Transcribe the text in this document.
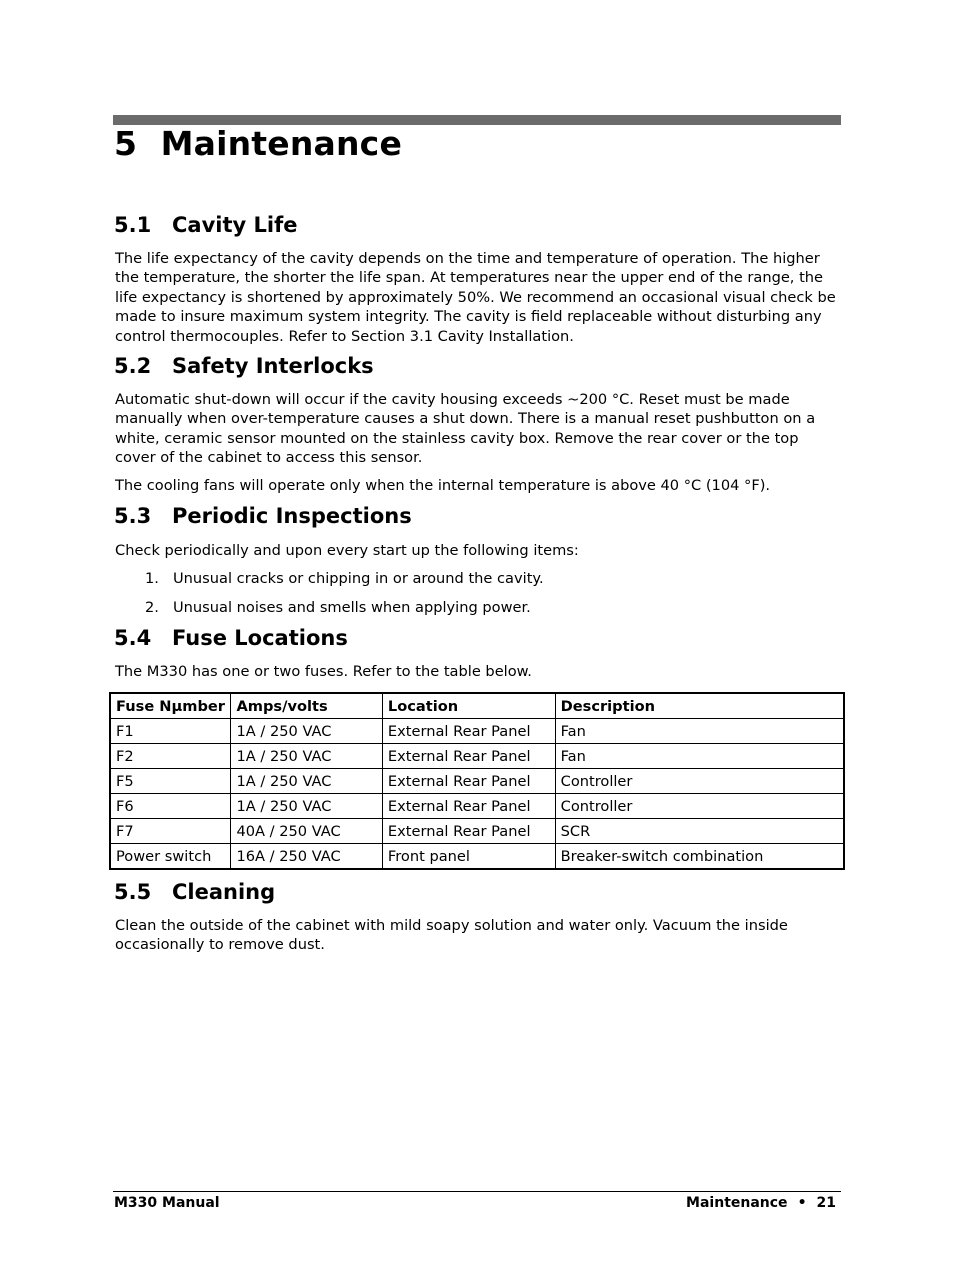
5 Maintenance
5.1 Cavity Life

The life expectancy of the cavity depends on the time and temperature of operation. The higher the temperature, the shorter the life span. At temperatures near the upper end of the range, the life expectancy is shortened by approximately 50%. We recommend an occasional visual check be made to insure maximum system integrity. The cavity is field replaceable without disturbing any control thermocouples. Refer to Section 3.1 Cavity Installation.

5.2 Safety Interlocks

Automatic shut-down will occur if the cavity housing exceeds ~200 °C. Reset must be made manually when over-temperature causes a shut down. There is a manual reset pushbutton on a white, ceramic sensor mounted on the stainless cavity box. Remove the rear cover or the top cover of the cabinet to access this sensor.

The cooling fans will operate only when the internal temperature is above 40 °C (104 °F).

5.3 Periodic Inspections

Check periodically and upon every start up the following items:

1. Unusual cracks or chipping in or around the cavity.
2. Unusual noises and smells when applying power.
5.4 Fuse Locations

The M330 has one or two fuses. Refer to the table below.

Fuse Nµmber	Amps/volts	Location	Description
F1	1A / 250 VAC	External Rear Panel	Fan
F2	1A / 250 VAC	External Rear Panel	Fan
F5	1A / 250 VAC	External Rear Panel	Controller
F6	1A / 250 VAC	External Rear Panel	Controller
F7	40A / 250 VAC	External Rear Panel	SCR
Power switch	16A / 250 VAC	Front panel	Breaker-switch combination
5.5 Cleaning

Clean the outside of the cabinet with mild soapy solution and water only. Vacuum the inside occasionally to remove dust.

M330 Manual	Maintenance • 21
